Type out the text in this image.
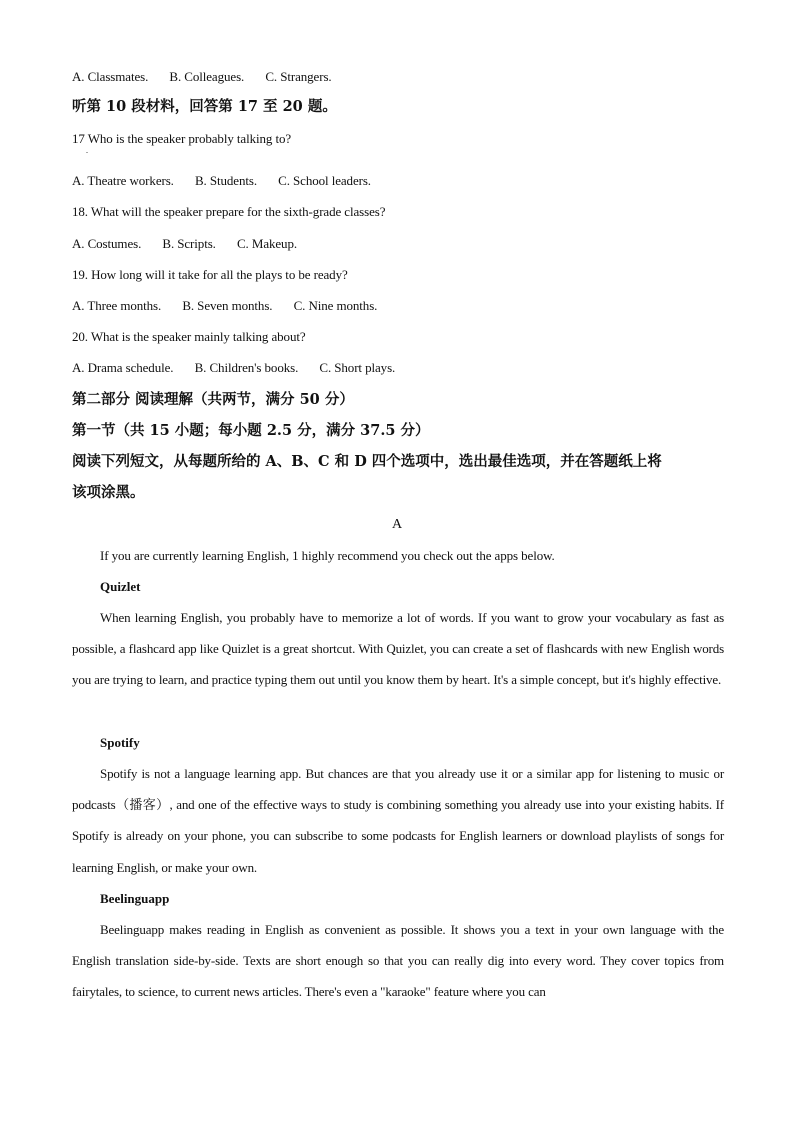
A. Classmates. B. Colleagues. C. Strangers.
听第 10 段材料，回答第 17 至 20 题。
17 Who is the speaker probably talking to?
.
A. Theatre workers. B. Students. C. School leaders.
18. What will the speaker prepare for the sixth-grade classes?
A. Costumes. B. Scripts. C. Makeup.
19. How long will it take for all the plays to be ready?
A. Three months. B. Seven months. C. Nine months.
20. What is the speaker mainly talking about?
A. Drama schedule. B. Children's books. C. Short plays.
第二部分 阅读理解（共两节，满分 50 分）
第一节（共 15 小题；每小题 2.5 分，满分 37.5 分）
阅读下列短文，从每题所给的 A、B、C 和 D 四个选项中，选出最佳选项，并在答题纸上将
该项涂黑。
A
If you are currently learning English, 1 highly recommend you check out the apps below.
Quizlet
When learning English, you probably have to memorize a lot of words. If you want to grow your vocabulary as fast as possible, a flashcard app like Quizlet is a great shortcut. With Quizlet, you can create a set of flashcards with new English words you are trying to learn, and practice typing them out until you know them by heart. It's a simple concept, but it's highly effective.
Spotify
Spotify is not a language learning app. But chances are that you already use it or a similar app for listening to music or podcasts（播客）, and one of the effective ways to study is combining something you already use into your existing habits. If Spotify is already on your phone, you can subscribe to some podcasts for English learners or download playlists of songs for learning English, or make your own.
Beelinguapp
Beelinguapp makes reading in English as convenient as possible. It shows you a text in your own language with the English translation side-by-side. Texts are short enough so that you can really dig into every word. They cover topics from fairytales, to science, to current news articles. There's even a "karaoke" feature where you can
